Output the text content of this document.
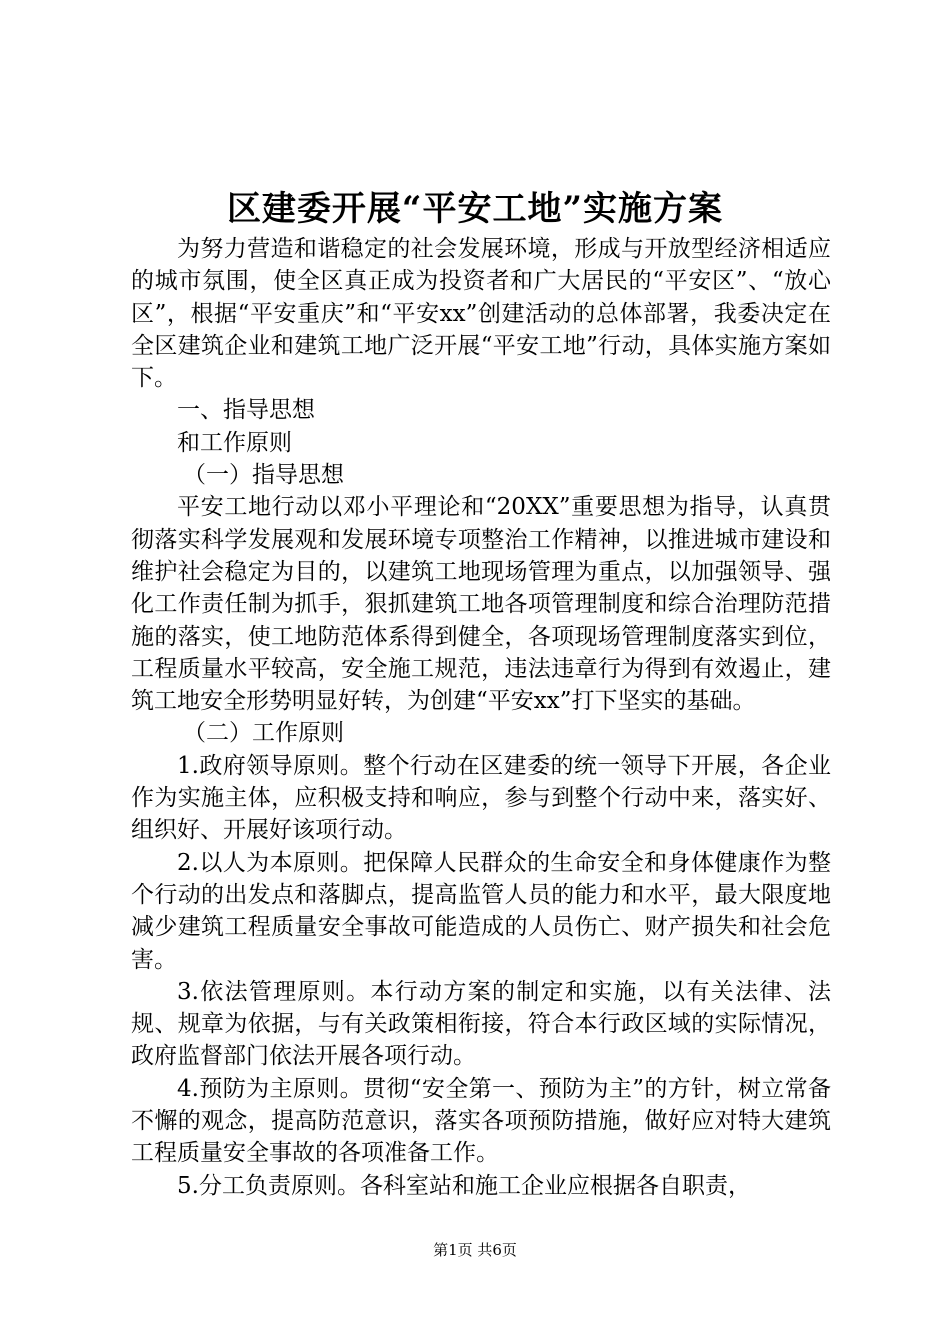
区建委开展“平安工地”实施方案

为努力营造和谐稳定的社会发展环境，形成与开放型经济相适应的城市氛围，使全区真正成为投资者和广大居民的“平安区”、“放心区”，根据“平安重庆”和“平安xx”创建活动的总体部署，我委决定在全区建筑企业和建筑工地广泛开展“平安工地”行动，具体实施方案如下。

一、指导思想

和工作原则

（一）指导思想

平安工地行动以邓小平理论和“20XX”重要思想为指导，认真贯彻落实科学发展观和发展环境专项整治工作精神，以推进城市建设和维护社会稳定为目的，以建筑工地现场管理为重点，以加强领导、强化工作责任制为抓手，狠抓建筑工地各项管理制度和综合治理防范措施的落实，使工地防范体系得到健全，各项现场管理制度落实到位，工程质量水平较高，安全施工规范，违法违章行为得到有效遏止，建筑工地安全形势明显好转，为创建“平安xx”打下坚实的基础。

（二）工作原则

1.政府领导原则。整个行动在区建委的统一领导下开展，各企业作为实施主体，应积极支持和响应，参与到整个行动中来，落实好、组织好、开展好该项行动。

2.以人为本原则。把保障人民群众的生命安全和身体健康作为整个行动的出发点和落脚点，提高监管人员的能力和水平，最大限度地减少建筑工程质量安全事故可能造成的人员伤亡、财产损失和社会危害。

3.依法管理原则。本行动方案的制定和实施，以有关法律、法规、规章为依据，与有关政策相衔接，符合本行政区域的实际情况，政府监督部门依法开展各项行动。

4.预防为主原则。贯彻“安全第一、预防为主”的方针，树立常备不懈的观念，提高防范意识，落实各项预防措施，做好应对特大建筑工程质量安全事故的各项准备工作。

5.分工负责原则。各科室站和施工企业应根据各自职责，

第1页 共6页
